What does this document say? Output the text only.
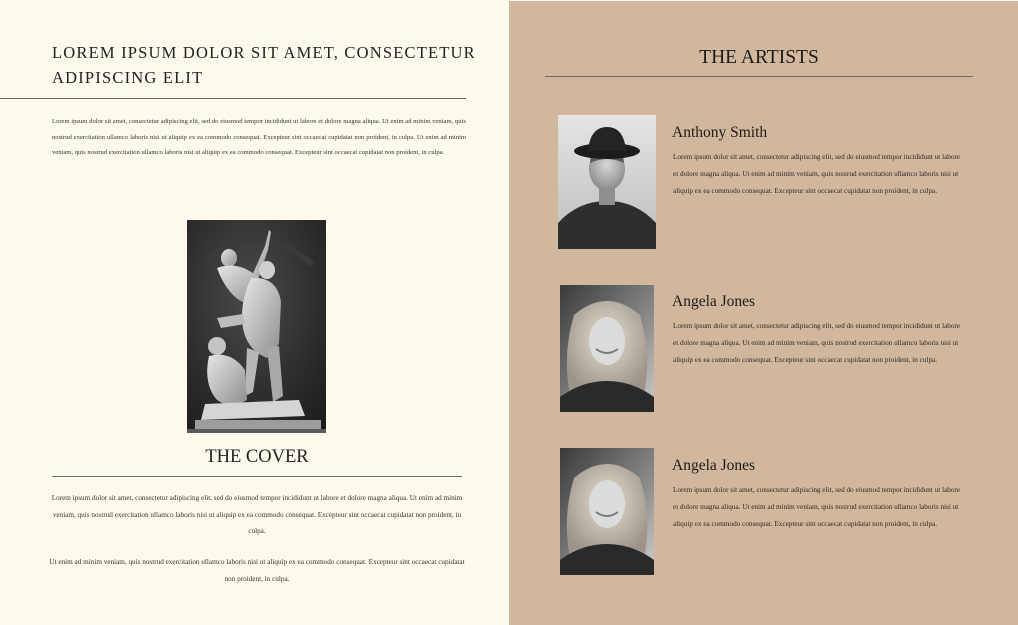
LOREM IPSUM DOLOR SIT AMET, CONSECTETUR ADIPISCING ELIT
Lorem ipsum dolor sit amet, consectetur adipiscing elit, sed do eiusmod tempor incididunt ut labore et dolore magna aliqua. Ut enim ad minim veniam, quis nostrud exercitation ullamco laboris nisi ut aliquip ex ea commodo consequat. Excepteur sint occaecat cupidatat non proident, in culpa. Ut enim ad minim veniam, quis nostrud exercitation ullamco laboris nisi ut aliquip ex ea commodo consequat. Excepteur sint occaecat cupidatat non proident, in culpa.
THE COVER
Lorem ipsum dolor sit amet, consectetur adipiscing elit, sed do eiusmod tempor incididunt ut labore et dolore magna aliqua. Ut enim ad minim veniam, quis nostrud exercitation ullamco laboris nisi ut aliquip ex ea commodo consequat. Excepteur sint occaecat cupidatat non proident, in culpa.
Ut enim ad minim veniam, quis nostrud exercitation ullamco laboris nisi ut aliquip ex ea commodo consequat. Excepteur sint occaecat cupidatat non proident, in culpa.
THE ARTISTS
Anthony Smith
Lorem ipsum dolor sit amet, consectetur adipiscing elit, sed do eiusmod tempor incididunt ut labore et dolore magna aliqua. Ut enim ad minim veniam, quis nostrud exercitation ullamco laboris nisi ut aliquip ex ea commodo consequat. Excepteur sint occaecat cupidatat non proident, in culpa.
Angela Jones
Lorem ipsum dolor sit amet, consectetur adipiscing elit, sed do eiusmod tempor incididunt ut labore et dolore magna aliqua. Ut enim ad minim veniam, quis nostrud exercitation ullamco laboris nisi ut aliquip ex ea commodo consequat. Excepteur sint occaecat cupidatat non proident, in culpa.
Angela Jones
Lorem ipsum dolor sit amet, consectetur adipiscing elit, sed do eiusmod tempor incididunt ut labore et dolore magna aliqua. Ut enim ad minim veniam, quis nostrud exercitation ullamco laboris nisi ut aliquip ex ea commodo consequat. Excepteur sint occaecat cupidatat non proident, in culpa.
